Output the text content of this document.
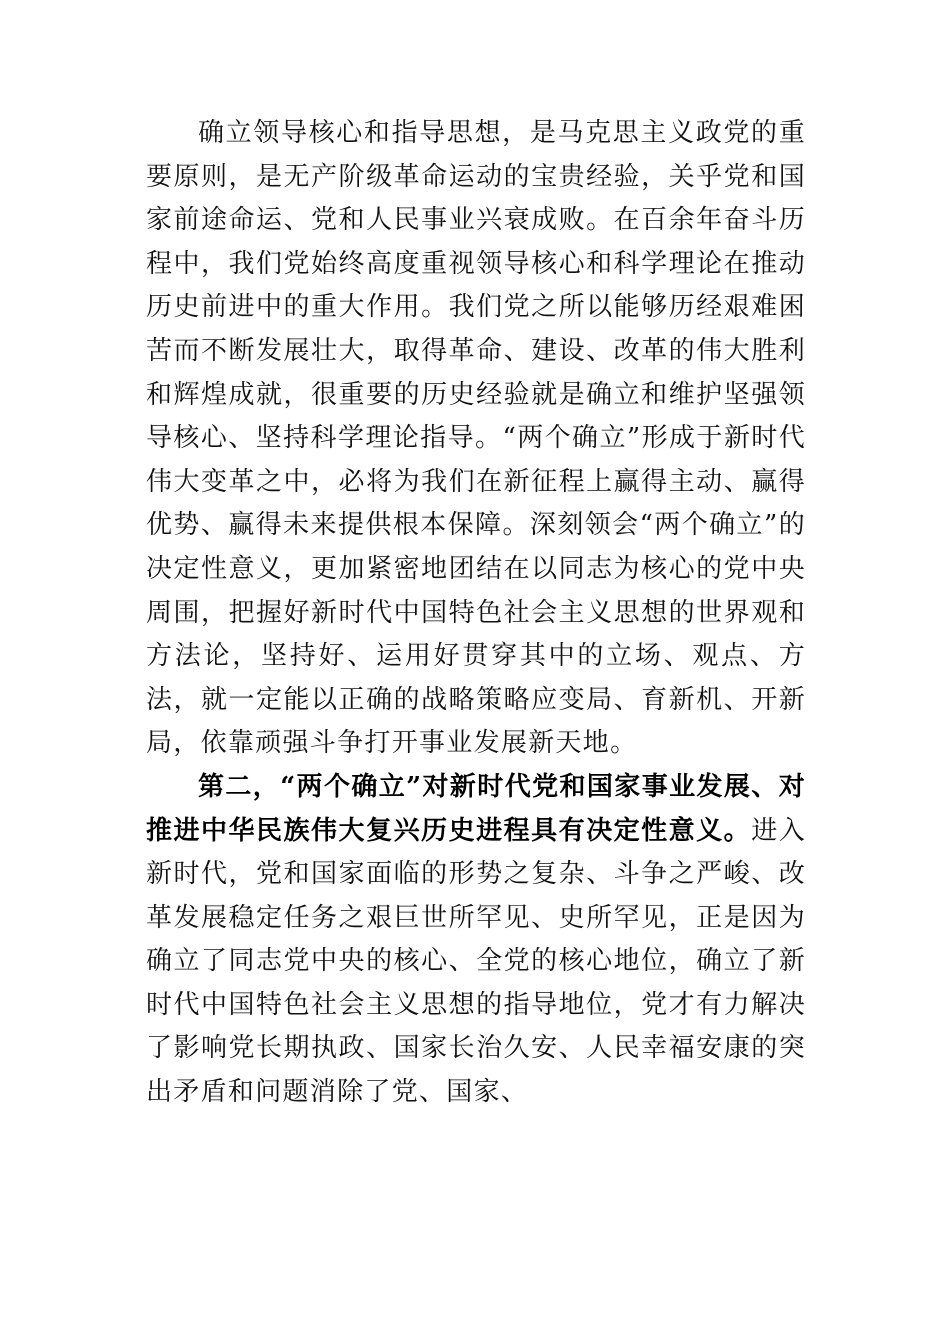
确立领导核心和指导思想，是马克思主义政党的重要原则，是无产阶级革命运动的宝贵经验，关乎党和国家前途命运、党和人民事业兴衰成败。在百余年奋斗历程中，我们党始终高度重视领导核心和科学理论在推动历史前进中的重大作用。我们党之所以能够历经艰难困苦而不断发展壮大，取得革命、建设、改革的伟大胜利和辉煌成就，很重要的历史经验就是确立和维护坚强领导核心、坚持科学理论指导。“两个确立”形成于新时代伟大变革之中，必将为我们在新征程上赢得主动、赢得优势、赢得未来提供根本保障。深刻领会“两个确立”的决定性意义，更加紧密地团结在以同志为核心的党中央周围，把握好新时代中国特色社会主义思想的世界观和方法论，坚持好、运用好贯穿其中的立场、观点、方法，就一定能以正确的战略策略应变局、育新机、开新局，依靠顽强斗争打开事业发展新天地。

第二，“两个确立”对新时代党和国家事业发展、对推进中华民族伟大复兴历史进程具有决定性意义。进入新时代，党和国家面临的形势之复杂、斗争之严峻、改革发展稳定任务之艰巨世所罕见、史所罕见，正是因为确立了同志党中央的核心、全党的核心地位，确立了新时代中国特色社会主义思想的指导地位，党才有力解决了影响党长期执政、国家长治久安、人民幸福安康的突出矛盾和问题消除了党、国家、
